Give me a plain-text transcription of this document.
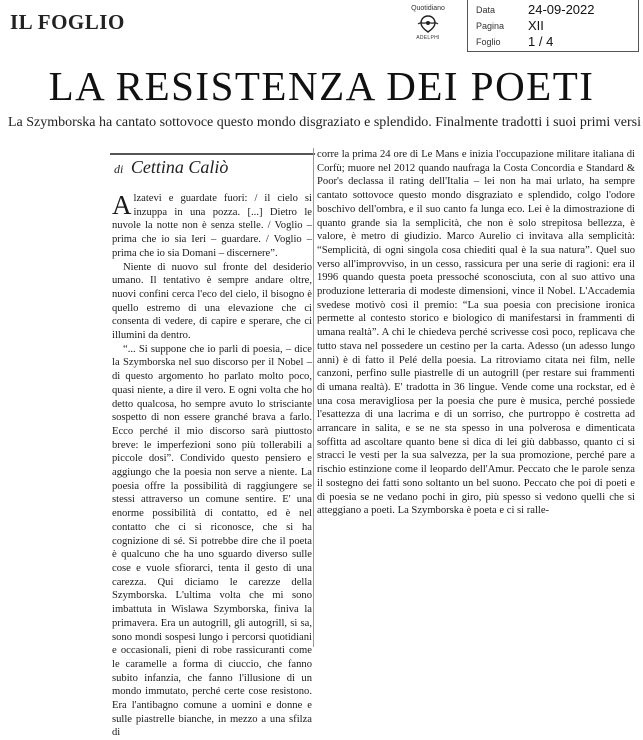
IL FOGLIO
Quotidiano
ADELPHI
Data	24-09-2022
Pagina XII
Foglio 1 / 4
LA RESISTENZA DEI POETI
La Szymborska ha cantato sottovoce questo mondo disgraziato e splendido. Finalmente tradotti i suoi primi versi
di Cettina Caliò

Alzatevi e guardate fuori: / il cielo si inzuppa in una pozza. [...] Dietro le nuvole la notte non è senza stelle. / Voglio – prima che io sia Ieri – guardare. / Voglio – prima che io sia Domani – discernere”.

Niente di nuovo sul fronte del desiderio umano. Il tentativo è sempre andare oltre, nuovi confini cerca l'eco del cielo, il bisogno è quello estremo di una elevazione che ci consenta di vedere, di capire e sperare, che ci illumini da dentro.

“... Si suppone che io parli di poesia, – dice la Szymborska nel suo discorso per il Nobel – di questo argomento ho parlato molto poco, quasi niente, a dire il vero. E ogni volta che ho detto qualcosa, ho sempre avuto lo strisciante sospetto di non essere granché brava a farlo. Ecco perché il mio discorso sarà piuttosto breve: le imperfezioni sono più tollerabili a piccole dosi”. Condivido questo pensiero e aggiungo che la poesia non serve a niente. La poesia offre la possibilità di raggiungere se stessi attraverso un comune sentire. E' una enorme possibilità di contatto, ed è nel contatto che ci si riconosce, che si ha cognizione di sé. Si potrebbe dire che il poeta è qualcuno che ha uno sguardo diverso sulle cose e vuole sfiorarci, tenta il gesto di una carezza. Qui diciamo le carezze della Szymborska. L'ultima volta che mi sono imbattuta in Wislawa Szymborska, finiva la primavera. Era un autogrill, gli autogrill, si sa, sono mondi sospesi lungo i percorsi quotidiani e occasionali, pieni di robe rassicuranti come le caramelle a forma di ciuccio, che fanno subito infanzia, che fanno l'illusione di un mondo immutato, perché certe cose resistono. Era l'antibagno comune a uomini e donne e sulle piastrelle bianche, in mezzo a una sfilza di

corre la prima 24 ore di Le Mans e inizia l'occupazione militare italiana di Corfù; muore nel 2012 quando naufraga la Costa Concordia e Standard & Poor's declassa il rating dell'Italia – lei non ha mai urlato, ha sempre cantato sottovoce questo mondo disgraziato e splendido, colgo l'odore boschivo dell'ombra, e il suo canto fa lunga eco. Lei è la dimostrazione di quanto grande sia la semplicità, che non è solo strepitosa bellezza, è valore, è metro di giudizio. Marco Aurelio ci invitava alla semplicità: “Semplicità, di ogni singola cosa chiediti qual è la sua natura”. Quel suo verso all'improvviso, in un cesso, rassicura per una serie di ragioni: era il 1996 quando questa poeta pressoché sconosciuta, con al suo attivo una produzione letteraria di modeste dimensioni, vince il Nobel. L'Accademia svedese motivò così il premio: “La sua poesia con precisione ironica permette al contesto storico e biologico di manifestarsi in frammenti di umana realtà”. A chi le chiedeva perché scrivesse così poco, replicava che tutto stava nel possedere un cestino per la carta. Adesso (un adesso lungo anni) è di fatto il Pelé della poesia. La ritroviamo citata nei film, nelle canzoni, perfino sulle piastrelle di un autogrill (per restare sui frammenti di umana realtà). E' tradotta in 36 lingue. Vende come una rockstar, ed è una cosa meravigliosa per la poesia che pure è musica, perché possiede l'esattezza di una lacrima e di un sorriso, che purtroppo è costretta ad arrancare in salita, e se ne sta spesso in una polverosa e dimenticata soffitta ad ascoltare quanto bene si dica di lei giù dabbasso, quanto ci si stracci le vesti per la sua salvezza, per la sua promozione, perché pare a rischio estinzione come il leopardo dell'Amur. Peccato che le parole senza il sostegno dei fatti sono soltanto un bel suono. Peccato che poi di poeti e di poesia se ne vedano pochi in giro, più spesso si vedono quelli che si atteggiano a poeti. La Szymborska è poeta e ci si ralle-
